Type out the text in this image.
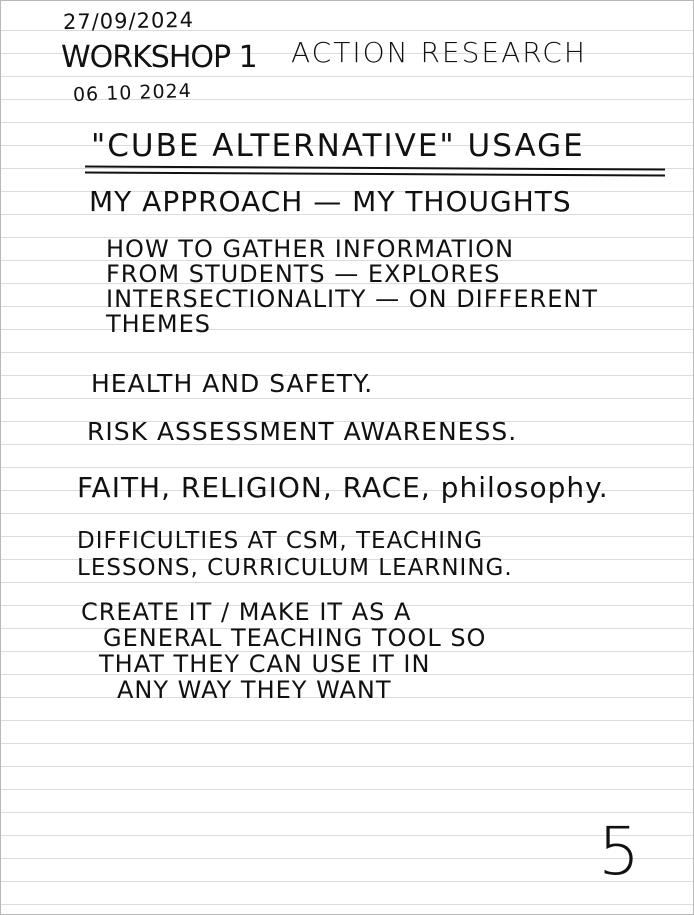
27/09/2024
WORKSHOP 1 ACTION RESEARCH
06 10 2024
"CUBE ALTERNATIVE" USAGE
MY APPROACH — MY THOUGHTS
HOW TO GATHER INFORMATION
FROM STUDENTS — EXPLORES
INTERSECTIONALITY — ON DIFFERENT
THEMES
HEALTH AND SAFETY.
RISK ASSESSMENT AWARENESS.
FAITH, RELIGION, RACE, philosophy.
DIFFICULTIES AT CSM, TEACHING
LESSONS, CURRICULUM LEARNING.
CREATE IT / MAKE IT AS A
GENERAL TEACHING TOOL SO
THAT THEY CAN USE IT IN
ANY WAY THEY WANT
5
